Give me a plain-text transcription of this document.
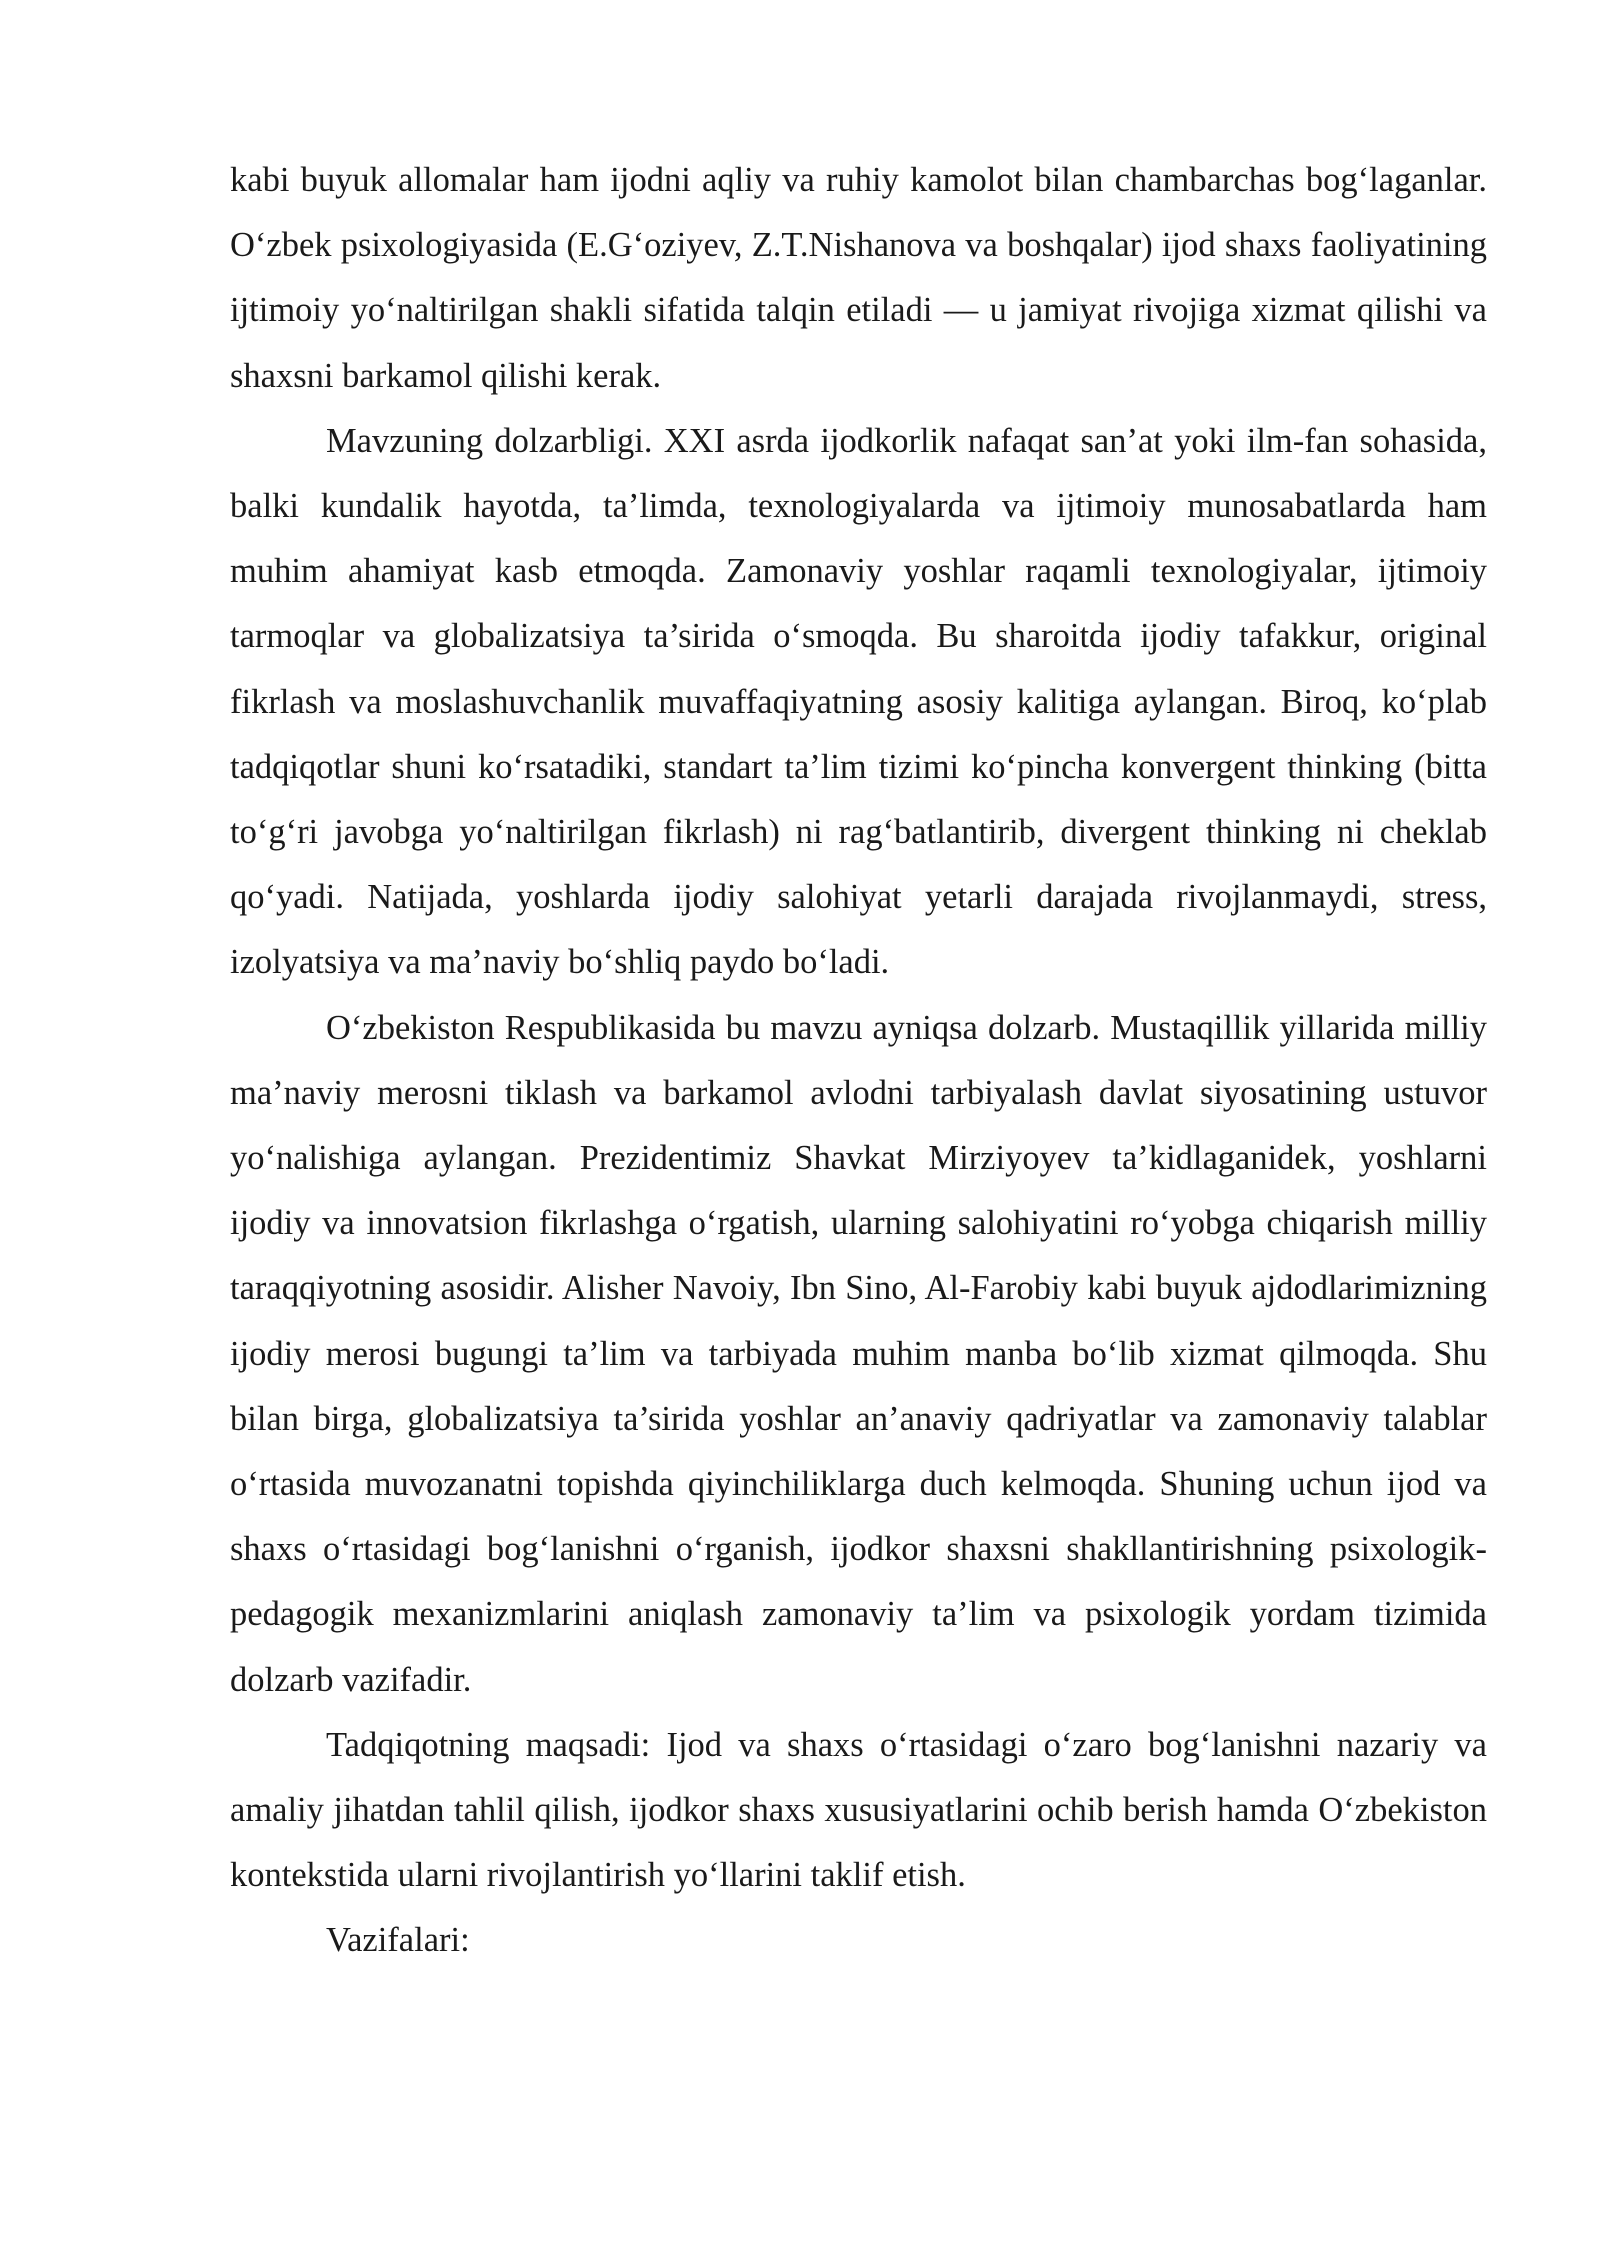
kabi buyuk allomalar ham ijodni aqliy va ruhiy kamolot bilan chambarchas bog‘laganlar. O‘zbek psixologiyasida (E.G‘oziyev, Z.T.Nishanova va boshqalar) ijod shaxs faoliyatining ijtimoiy yo‘naltirilgan shakli sifatida talqin etiladi — u jamiyat rivojiga xizmat qilishi va shaxsni barkamol qilishi kerak.

Mavzuning dolzarbligi. XXI asrda ijodkorlik nafaqat san’at yoki ilm-fan sohasida, balki kundalik hayotda, ta’limda, texnologiyalarda va ijtimoiy munosabatlarda ham muhim ahamiyat kasb etmoqda. Zamonaviy yoshlar raqamli texnologiyalar, ijtimoiy tarmoqlar va globalizatsiya ta’sirida o‘smoqda. Bu sharoitda ijodiy tafakkur, original fikrlash va moslashuvchanlik muvaffaqiyatning asosiy kalitiga aylangan. Biroq, ko‘plab tadqiqotlar shuni ko‘rsatadiki, standart ta’lim tizimi ko‘pincha konvergent thinking (bitta to‘g‘ri javobga yo‘naltirilgan fikrlash) ni rag‘batlantirib, divergent thinking ni cheklab qo‘yadi. Natijada, yoshlarda ijodiy salohiyat yetarli darajada rivojlanmaydi, stress, izolyatsiya va ma’naviy bo‘shliq paydo bo‘ladi.

O‘zbekiston Respublikasida bu mavzu ayniqsa dolzarb. Mustaqillik yillarida milliy ma’naviy merosni tiklash va barkamol avlodni tarbiyalash davlat siyosatining ustuvor yo‘nalishiga aylangan. Prezidentimiz Shavkat Mirziyoyev ta’kidlaganidek, yoshlarni ijodiy va innovatsion fikrlashga o‘rgatish, ularning salohiyatini ro‘yobga chiqarish milliy taraqqiyotning asosidir. Alisher Navoiy, Ibn Sino, Al-Farobiy kabi buyuk ajdodlarimizning ijodiy merosi bugungi ta’lim va tarbiyada muhim manba bo‘lib xizmat qilmoqda. Shu bilan birga, globalizatsiya ta’sirida yoshlar an’anaviy qadriyatlar va zamonaviy talablar o‘rtasida muvozanatni topishda qiyinchiliklarga duch kelmoqda. Shuning uchun ijod va shaxs o‘rtasidagi bog‘lanishni o‘rganish, ijodkor shaxsni shakllantirishning psixologik-pedagogik mexanizmlarini aniqlash zamonaviy ta’lim va psixologik yordam tizimida dolzarb vazifadir.

Tadqiqotning maqsadi: Ijod va shaxs o‘rtasidagi o‘zaro bog‘lanishni nazariy va amaliy jihatdan tahlil qilish, ijodkor shaxs xususiyatlarini ochib berish hamda O‘zbekiston kontekstida ularni rivojlantirish yo‘llarini taklif etish.

Vazifalari:
